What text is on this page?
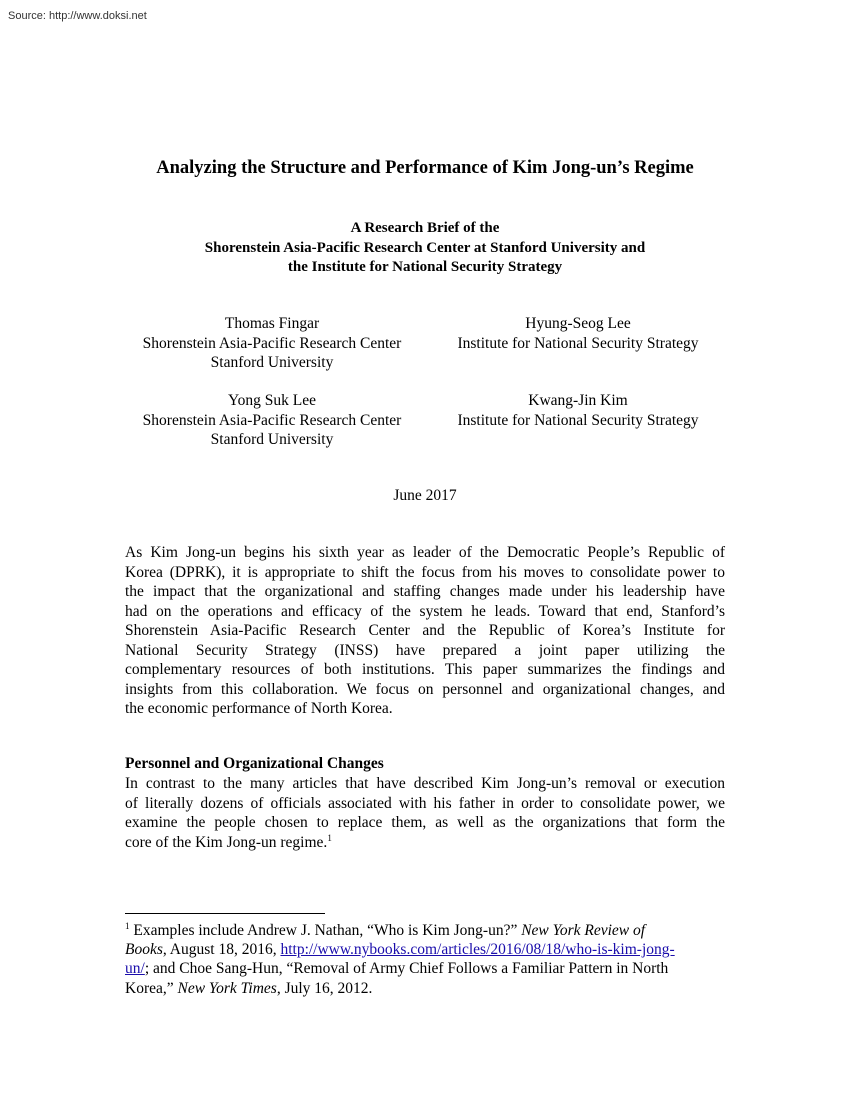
Source: http://www.doksi.net
Analyzing the Structure and Performance of Kim Jong-un’s Regime
A Research Brief of the
Shorenstein Asia-Pacific Research Center at Stanford University and
the Institute for National Security Strategy
Thomas Fingar
Shorenstein Asia-Pacific Research Center
Stanford University
Hyung-Seog Lee
Institute for National Security Strategy
Yong Suk Lee
Shorenstein Asia-Pacific Research Center
Stanford University
Kwang-Jin Kim
Institute for National Security Strategy
June 2017
As Kim Jong-un begins his sixth year as leader of the Democratic People’s Republic of
Korea (DPRK), it is appropriate to shift the focus from his moves to consolidate power to
the impact that the organizational and staffing changes made under his leadership have
had on the operations and efficacy of the system he leads. Toward that end, Stanford’s
Shorenstein Asia-Pacific Research Center and the Republic of Korea’s Institute for
National Security Strategy (INSS) have prepared a joint paper utilizing the
complementary resources of both institutions. This paper summarizes the findings and
insights from this collaboration. We focus on personnel and organizational changes, and
the economic performance of North Korea.
Personnel and Organizational Changes
In contrast to the many articles that have described Kim Jong-un’s removal or execution
of literally dozens of officials associated with his father in order to consolidate power, we
examine the people chosen to replace them, as well as the organizations that form the
core of the Kim Jong-un regime.$^1$
$^1$ Examples include Andrew J. Nathan, “Who is Kim Jong-un?” New York Review of
Books, August 18, 2016, http://www.nybooks.com/articles/2016/08/18/who-is-kim-jong-
un/; and Choe Sang-Hun, “Removal of Army Chief Follows a Familiar Pattern in North
Korea,” New York Times, July 16, 2012.
